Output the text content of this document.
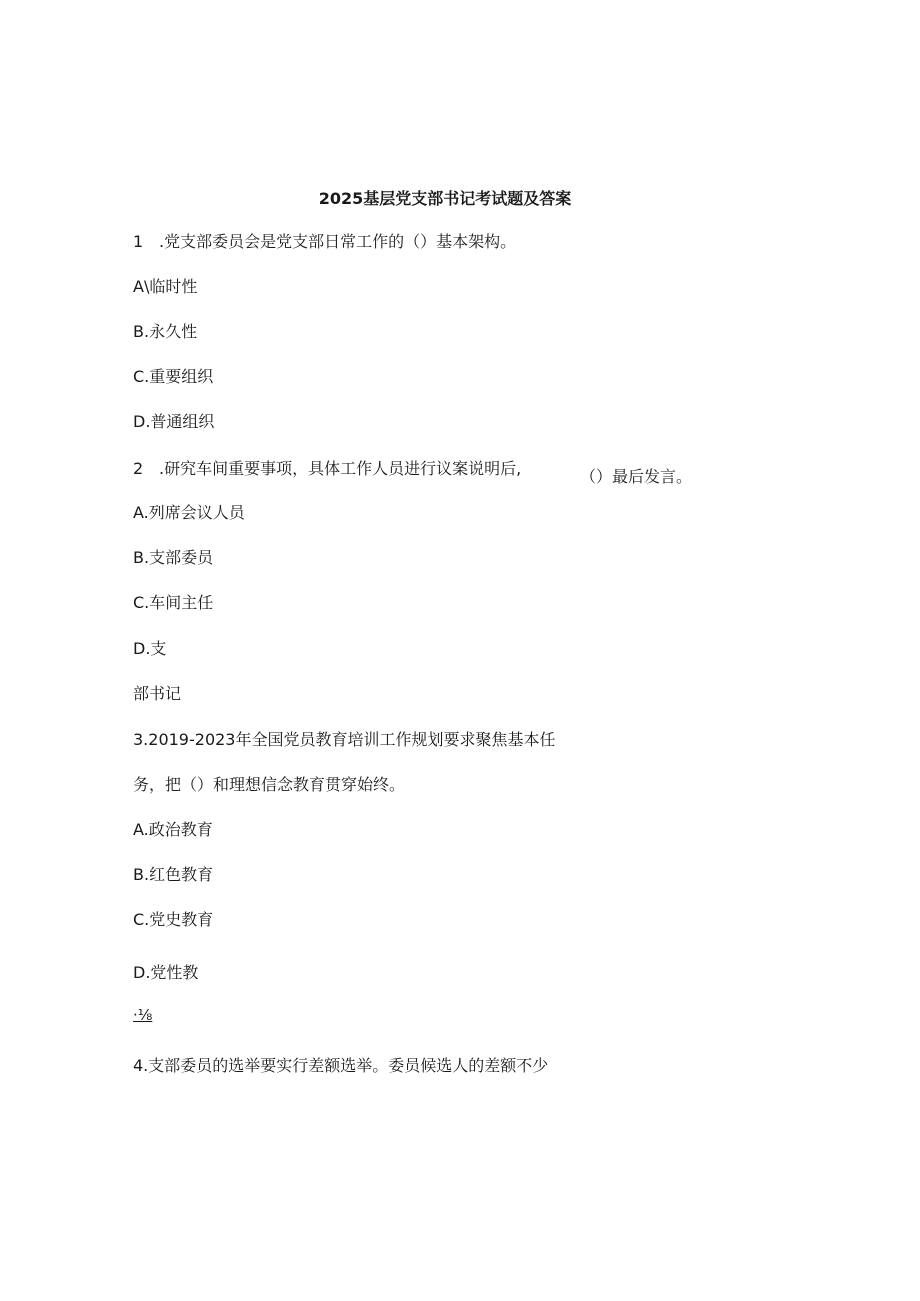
2025基层党支部书记考试题及答案
1 .党支部委员会是党支部日常工作的（）基本架构。
A\临时性
B.永久性
C.重要组织
D.普通组织
2 .研究车间重要事项，具体工作人员进行议案说明后,	（）最后发言。
A.列席会议人员
B.支部委员
C.车间主任
D.支
部书记
3.2019-2023年全国党员教育培训工作规划要求聚焦基本任
务，把（）和理想信念教育贯穿始终。
A.政治教育
B.红色教育
C.党史教育
D.党性教
·⅛
4.支部委员的选举要实行差额选举。委员候选人的差额不少
